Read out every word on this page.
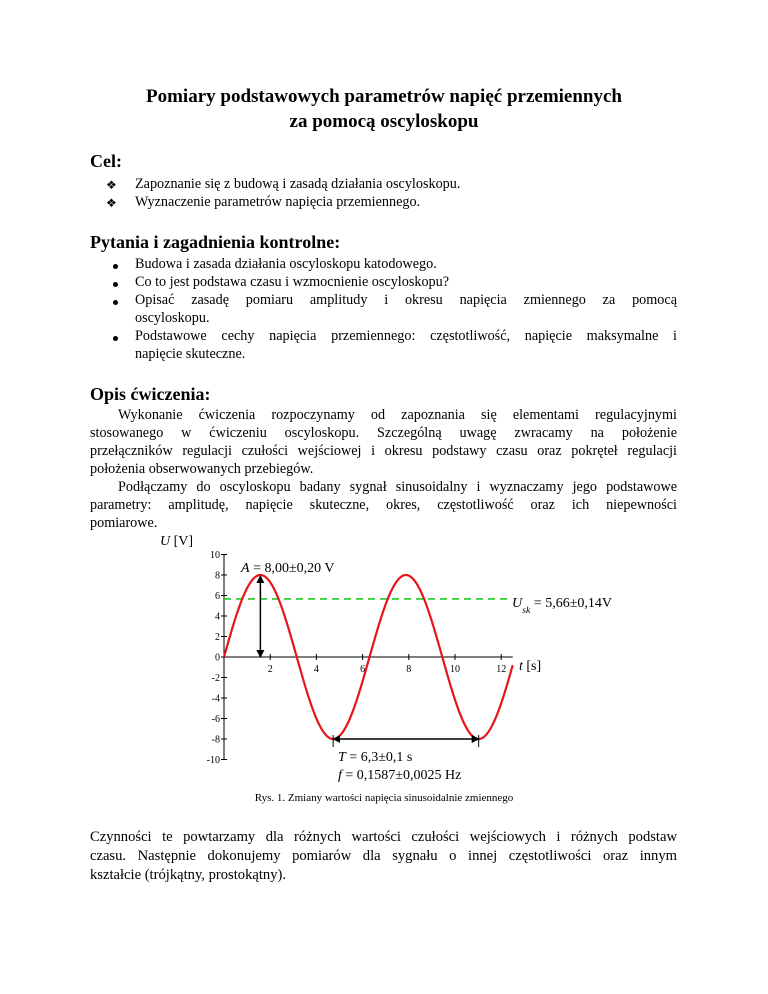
Pomiary podstawowych parametrów napięć przemiennych
za pomocą oscyloskopu
Cel:
❖ Zapoznanie się z budową i zasadą działania oscyloskopu.
❖ Wyznaczenie parametrów napięcia przemiennego.
Pytania i zagadnienia kontrolne:
Budowa i zasada działania oscyloskopu katodowego.
Co to jest podstawa czasu i wzmocnienie oscyloskopu?
Opisać zasadę pomiaru amplitudy i okresu napięcia zmiennego za pomocą
oscyloskopu.
Podstawowe cechy napięcia przemiennego: częstotliwość, napięcie maksymalne i
napięcie skuteczne.
Opis ćwiczenia:
Wykonanie ćwiczenia rozpoczynamy od zapoznania się elementami regulacyjnymi
stosowanego w ćwiczeniu oscyloskopu. Szczególną uwagę zwracamy na położenie
przełączników regulacji czułości wejściowej i okresu podstawy czasu oraz pokręteł regulacji
położenia obserwowanych przebiegów.
Podłączamy do oscyloskopu badany sygnał sinusoidalny i wyznaczamy jego podstawowe
parametry: amplitudę, napięcie skuteczne, okres, częstotliwość oraz ich niepewności
pomiarowe.
U [V]
t [s]
10
8
6
4
2
0
-2
-4
-6
-8
-10
2	4	6	8	10	12
A = 8,00±0,20 V
$U_{sk} = 5,66\pm 0,14V$
T = 6,3±0,1 s
f = 0,1587±0,0025 Hz
Rys. 1. Zmiany wartości napięcia sinusoidalnie zmiennego
Czynności te powtarzamy dla różnych wartości czułości wejściowych i różnych podstaw
czasu. Następnie dokonujemy pomiarów dla sygnału o innej częstotliwości oraz innym
kształcie (trójkątny, prostokątny).
